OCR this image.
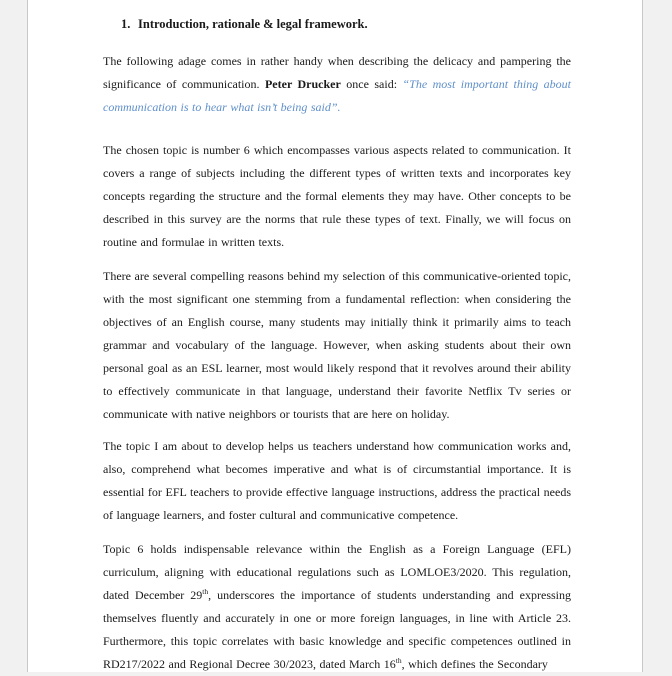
1. Introduction, rationale & legal framework.

The following adage comes in rather handy when describing the delicacy and pampering the significance of communication. Peter Drucker once said: “The most important thing about communication is to hear what isn’t being said”.

The chosen topic is number 6 which encompasses various aspects related to communication. It covers a range of subjects including the different types of written texts and incorporates key concepts regarding the structure and the formal elements they may have. Other concepts to be described in this survey are the norms that rule these types of text. Finally, we will focus on routine and formulae in written texts.

There are several compelling reasons behind my selection of this communicative-oriented topic, with the most significant one stemming from a fundamental reflection: when considering the objectives of an English course, many students may initially think it primarily aims to teach grammar and vocabulary of the language. However, when asking students about their own personal goal as an ESL learner, most would likely respond that it revolves around their ability to effectively communicate in that language, understand their favorite Netflix Tv series or communicate with native neighbors or tourists that are here on holiday.

The topic I am about to develop helps us teachers understand how communication works and, also, comprehend what becomes imperative and what is of circumstantial importance. It is essential for EFL teachers to provide effective language instructions, address the practical needs of language learners, and foster cultural and communicative competence.

Topic 6 holds indispensable relevance within the English as a Foreign Language (EFL) curriculum, aligning with educational regulations such as LOMLOE3/2020. This regulation, dated December 29th, underscores the importance of students understanding and expressing themselves fluently and accurately in one or more foreign languages, in line with Article 23. Furthermore, this topic correlates with basic knowledge and specific competences outlined in RD217/2022 and Regional Decree 30/2023, dated March 16th, which defines the Secondary
